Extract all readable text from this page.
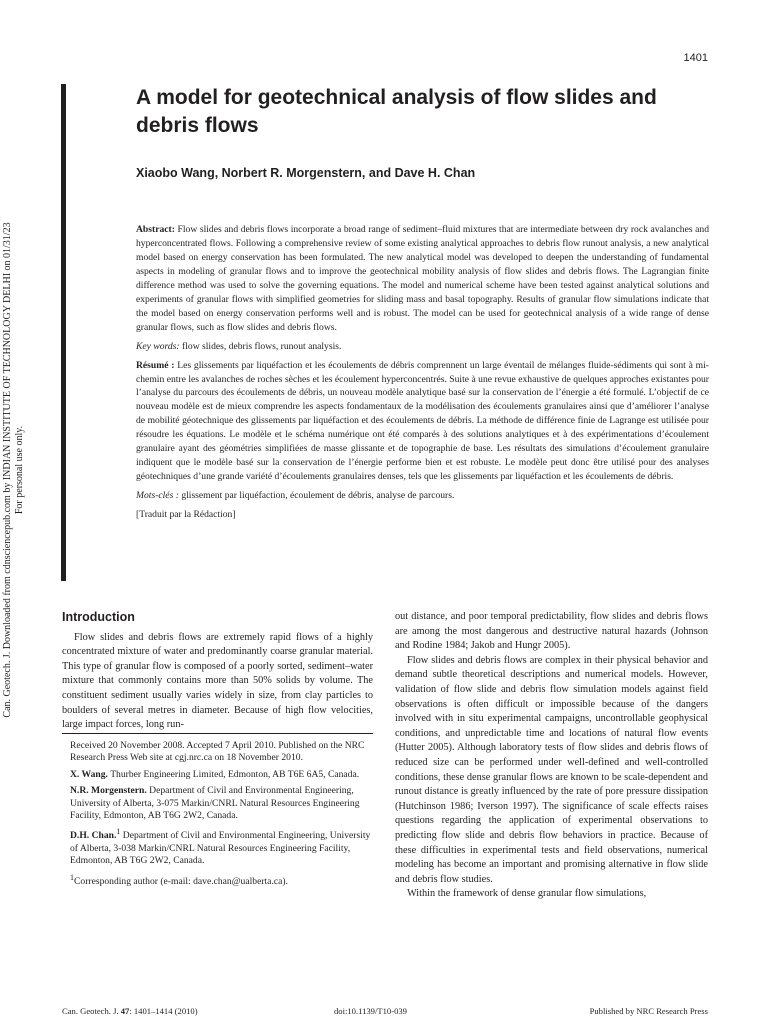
1401
A model for geotechnical analysis of flow slides and debris flows
Xiaobo Wang, Norbert R. Morgenstern, and Dave H. Chan

Abstract: Flow slides and debris flows incorporate a broad range of sediment–fluid mixtures that are intermediate between dry rock avalanches and hyperconcentrated flows. Following a comprehensive review of some existing analytical approaches to debris flow runout analysis, a new analytical model based on energy conservation has been formulated. The new analytical model was developed to deepen the understanding of fundamental aspects in modeling of granular flows and to improve the geotechnical mobility analysis of flow slides and debris flows. The Lagrangian finite difference method was used to solve the governing equations. The model and numerical scheme have been tested against analytical solutions and experiments of granular flows with simplified geometries for sliding mass and basal topography. Results of granular flow simulations indicate that the model based on energy conservation performs well and is robust. The model can be used for geotechnical analysis of a wide range of dense granular flows, such as flow slides and debris flows.

Key words: flow slides, debris flows, runout analysis.

Résumé : Les glissements par liquéfaction et les écoulements de débris comprennent un large éventail de mélanges fluide-sédiments qui sont à mi-chemin entre les avalanches de roches sèches et les écoulement hyperconcentrés. Suite à une revue exhaustive de quelques approches existantes pour l’analyse du parcours des écoulements de débris, un nouveau modèle analytique basé sur la conservation de l’énergie a été formulé. L’objectif de ce nouveau modèle est de mieux comprendre les aspects fondamentaux de la modélisation des écoulements granulaires ainsi que d’améliorer l’analyse de mobilité géotechnique des glissements par liquéfaction et des écoulements de débris. La méthode de différence finie de Lagrange est utilisée pour résoudre les équations. Le modèle et le schéma numérique ont été comparés à des solutions analytiques et à des expérimentations d’écoulement granulaire ayant des géométries simplifiées de masse glissante et de topographie de base. Les résultats des simulations d’écoulement granulaire indiquent que le modèle basé sur la conservation de l’énergie performe bien et est robuste. Le modèle peut donc être utilisé pour des analyses géotechniques d’une grande variété d’écoulements granulaires denses, tels que les glissements par liquéfaction et les écoulements de débris.

Mots-clés : glissement par liquéfaction, écoulement de débris, analyse de parcours.

[Traduit par la Rédaction]

Can. Geotech. J. Downloaded from cdnsciencepub.com by INDIAN INSTITUTE OF TECHNOLOGY DELHI on 01/31/23 For personal use only.
Introduction

Flow slides and debris flows are extremely rapid flows of a highly concentrated mixture of water and predominantly coarse granular material. This type of granular flow is composed of a poorly sorted, sediment–water mixture that commonly contains more than 50% solids by volume. The constituent sediment usually varies widely in size, from clay particles to boulders of several metres in diameter. Because of high flow velocities, large impact forces, long run-

Received 20 November 2008. Accepted 7 April 2010. Published on the NRC Research Press Web site at cgj.nrc.ca on 18 November 2010.
X. Wang. Thurber Engineering Limited, Edmonton, AB T6E 6A5, Canada.
N.R. Morgenstern. Department of Civil and Environmental Engineering, University of Alberta, 3-075 Markin/CNRL Natural Resources Engineering Facility, Edmonton, AB T6G 2W2, Canada.
D.H. Chan.$^1$ Department of Civil and Environmental Engineering, University of Alberta, 3-038 Markin/CNRL Natural Resources Engineering Facility, Edmonton, AB T6G 2W2, Canada.
$^1$Corresponding author (e-mail: dave.chan@ualberta.ca).

out distance, and poor temporal predictability, flow slides and debris flows are among the most dangerous and destructive natural hazards (Johnson and Rodine 1984; Jakob and Hungr 2005).

Flow slides and debris flows are complex in their physical behavior and demand subtle theoretical descriptions and numerical models. However, validation of flow slide and debris flow simulation models against field observations is often difficult or impossible because of the dangers involved with in situ experimental campaigns, uncontrollable geophysical conditions, and unpredictable time and locations of natural flow events (Hutter 2005). Although laboratory tests of flow slides and debris flows of reduced size can be performed under well-defined and well-controlled conditions, these dense granular flows are known to be scale-dependent and runout distance is greatly influenced by the rate of pore pressure dissipation (Hutchinson 1986; Iverson 1997). The significance of scale effects raises questions regarding the application of experimental observations to predicting flow slide and debris flow behaviors in practice. Because of these difficulties in experimental tests and field observations, numerical modeling has become an important and promising alternative in flow slide and debris flow studies.

Within the framework of dense granular flow simulations,

Can. Geotech. J. 47: 1401–1414 (2010)	doi:10.1139/T10-039	Published by NRC Research Press
